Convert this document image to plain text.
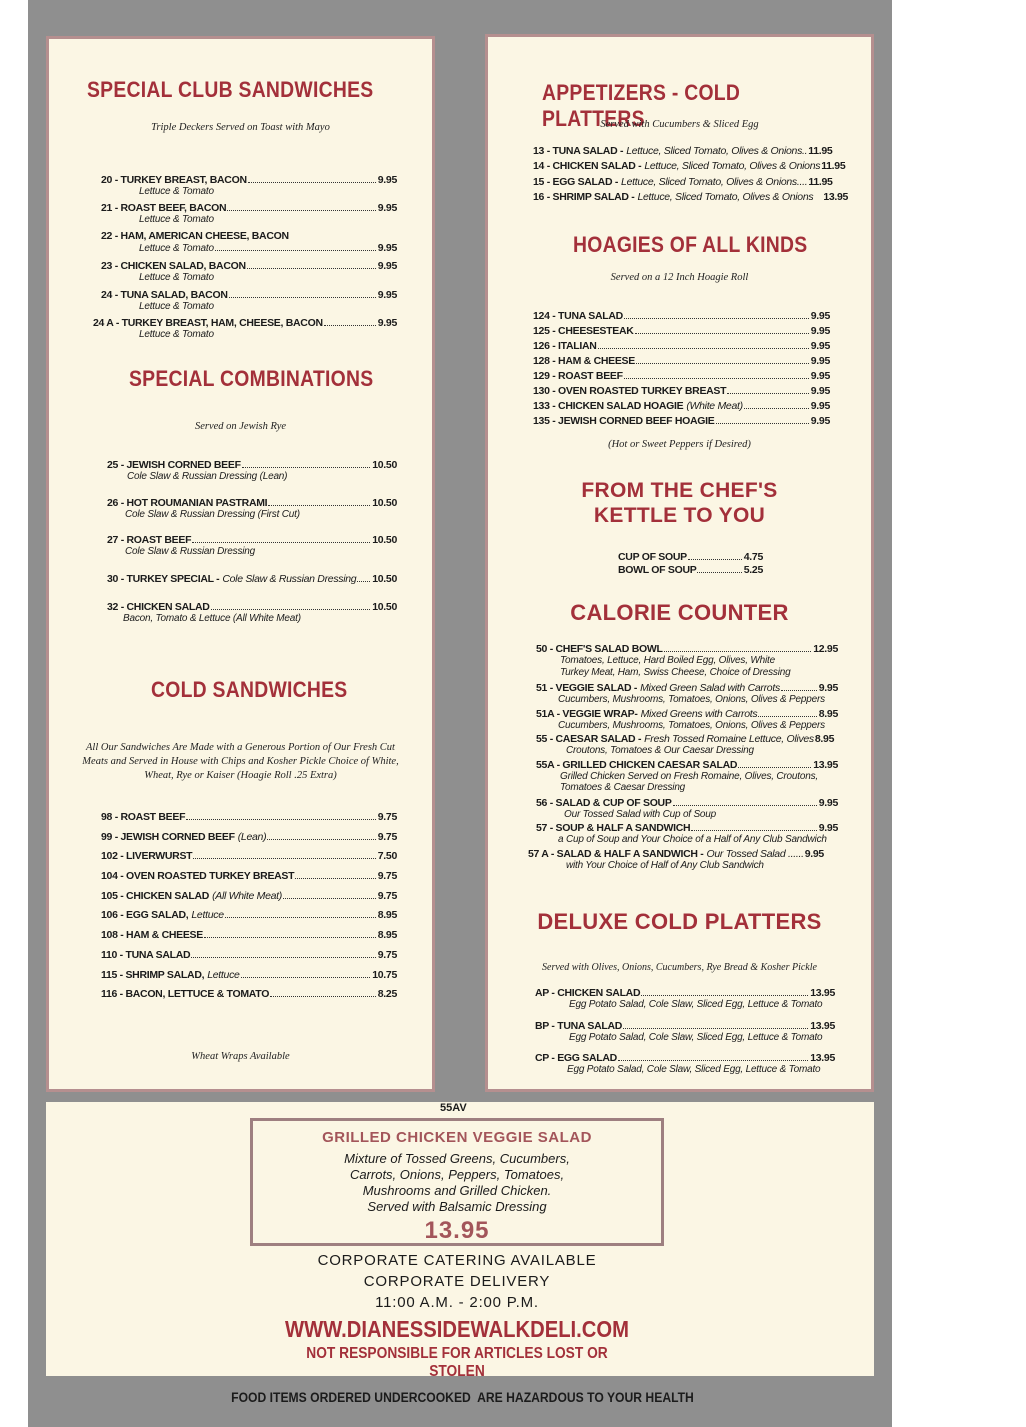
SPECIAL CLUB SANDWICHES
Triple Deckers Served on Toast with Mayo
20 - TURKEY BREAST, BACON	9.95
Lettuce & Tomato
21 - ROAST BEEF, BACON	9.95
Lettuce & Tomato
22 - HAM, AMERICAN CHEESE, BACON
Lettuce & Tomato	9.95
23 - CHICKEN SALAD, BACON	9.95
Lettuce & Tomato
24 - TUNA SALAD, BACON	9.95
Lettuce & Tomato
24 A - TURKEY BREAST, HAM, CHEESE, BACON	9.95
Lettuce & Tomato
SPECIAL COMBINATIONS
Served on Jewish Rye
25 - JEWISH CORNED BEEF	10.50
Cole Slaw & Russian Dressing (Lean)
26 - HOT ROUMANIAN PASTRAMI	10.50
Cole Slaw & Russian Dressing (First Cut)
27 - ROAST BEEF	10.50
Cole Slaw & Russian Dressing
30 - TURKEY SPECIAL - Cole Slaw & Russian Dressing 10.50
32 - CHICKEN SALAD	10.50
Bacon, Tomato & Lettuce (All White Meat)
COLD SANDWICHES
All Our Sandwiches Are Made with a Generous Portion of Our Fresh Cut Meats and Served in House with Chips and Kosher Pickle Choice of White, Wheat, Rye or Kaiser (Hoagie Roll .25 Extra)
98 - ROAST BEEF	9.75
99 - JEWISH CORNED BEEF (Lean)	9.75
102 - LIVERWURST	7.50
104 - OVEN ROASTED TURKEY BREAST	9.75
105 - CHICKEN SALAD (All White Meat)	9.75
106 - EGG SALAD, Lettuce	8.95
108 - HAM & CHEESE	8.95
110 - TUNA SALAD	9.75
115 - SHRIMP SALAD, Lettuce	10.75
116 - BACON, LETTUCE & TOMATO	8.25
Wheat Wraps Available
APPETIZERS - COLD PLATTERS
Served with Cucumbers & Sliced Egg
13 - TUNA SALAD - Lettuce, Sliced Tomato, Olives & Onions.. 11.95
14 - CHICKEN SALAD - Lettuce, Sliced Tomato, Olives & Onions 11.95
15 - EGG SALAD - Lettuce, Sliced Tomato, Olives & Onions.... 11.95
16 - SHRIMP SALAD - Lettuce, Sliced Tomato, Olives & Onions 13.95
HOAGIES OF ALL KINDS
Served on a 12 Inch Hoagie Roll
124 - TUNA SALAD	9.95
125 - CHEESESTEAK	9.95
126 - ITALIAN	9.95
128 - HAM & CHEESE	9.95
129 - ROAST BEEF	9.95
130 - OVEN ROASTED TURKEY BREAST	9.95
133 - CHICKEN SALAD HOAGIE (White Meat)	9.95
135 - JEWISH CORNED BEEF HOAGIE	9.95
(Hot or Sweet Peppers if Desired)
FROM THE CHEF'S
KETTLE TO YOU
CUP OF SOUP	4.75
BOWL OF SOUP	5.25
CALORIE COUNTER
50 - CHEF'S SALAD BOWL	12.95
Tomatoes, Lettuce, Hard Boiled Egg, Olives, White
Turkey Meat, Ham, Swiss Cheese, Choice of Dressing
51 - VEGGIE SALAD - Mixed Green Salad with Carrots	9.95
Cucumbers, Mushrooms, Tomatoes, Onions, Olives & Peppers
51A - VEGGIE WRAP- Mixed Greens with Carrots	8.95
Cucumbers, Mushrooms, Tomatoes, Onions, Olives & Peppers
55 - CAESAR SALAD - Fresh Tossed Romaine Lettuce, Olives 8.95
Croutons, Tomatoes & Our Caesar Dressing
55A - GRILLED CHICKEN CAESAR SALAD	13.95
Grilled Chicken Served on Fresh Romaine, Olives, Croutons,
Tomatoes & Caesar Dressing
56 - SALAD & CUP OF SOUP	9.95
Our Tossed Salad with Cup of Soup
57 - SOUP & HALF A SANDWICH	9.95
a Cup of Soup and Your Choice of a Half of Any Club Sandwich
57 A - SALAD & HALF A SANDWICH - Our Tossed Salad ...... 9.95
with Your Choice of Half of Any Club Sandwich
DELUXE COLD PLATTERS
Served with Olives, Onions, Cucumbers, Rye Bread & Kosher Pickle
AP - CHICKEN SALAD	13.95
Egg Potato Salad, Cole Slaw, Sliced Egg, Lettuce & Tomato
BP - TUNA SALAD	13.95
Egg Potato Salad, Cole Slaw, Sliced Egg, Lettuce & Tomato
CP - EGG SALAD	13.95
Egg Potato Salad, Cole Slaw, Sliced Egg, Lettuce & Tomato
55AV
GRILLED CHICKEN VEGGIE SALAD
Mixture of Tossed Greens, Cucumbers,
Carrots, Onions, Peppers, Tomatoes,
Mushrooms and Grilled Chicken.
Served with Balsamic Dressing
13.95
CORPORATE CATERING AVAILABLE
CORPORATE DELIVERY
11:00 A.M. - 2:00 P.M.
WWW.DIANESSIDEWALKDELI.COM
NOT RESPONSIBLE FOR ARTICLES LOST OR STOLEN
FOOD ITEMS ORDERED UNDERCOOKED  ARE HAZARDOUS TO YOUR HEALTH
